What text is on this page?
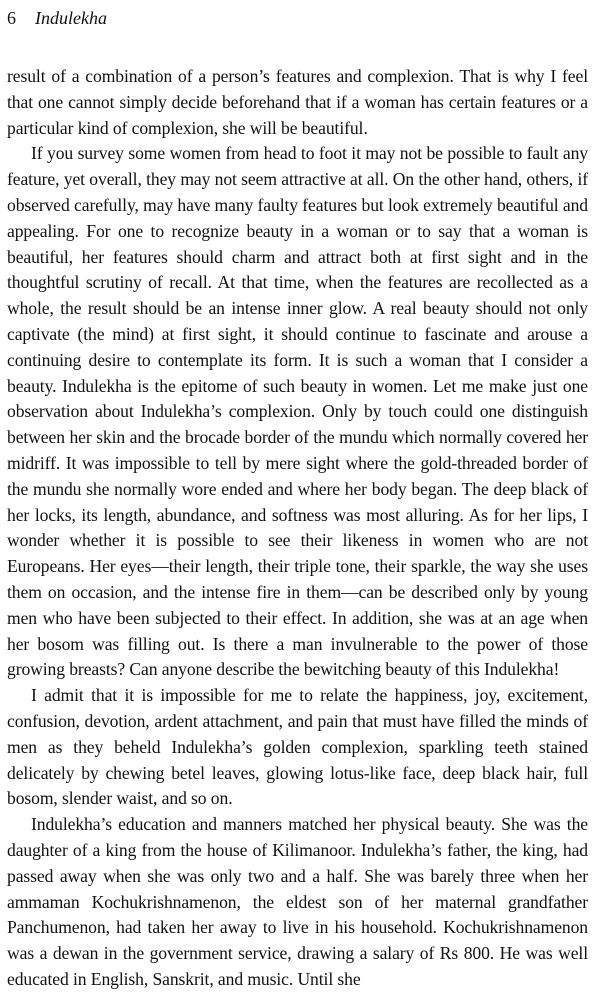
6 Indulekha

result of a combination of a person’s features and complexion. That is why I feel that one cannot simply decide beforehand that if a woman has certain features or a particular kind of complexion, she will be beautiful.

If you survey some women from head to foot it may not be possible to fault any feature, yet overall, they may not seem attractive at all. On the other hand, others, if observed carefully, may have many faulty features but look extremely beautiful and appealing. For one to recognize beauty in a woman or to say that a woman is beautiful, her features should charm and attract both at first sight and in the thoughtful scrutiny of recall. At that time, when the features are recollected as a whole, the result should be an intense inner glow. A real beauty should not only captivate (the mind) at first sight, it should continue to fascinate and arouse a continuing desire to contemplate its form. It is such a woman that I consider a beauty. Indulekha is the epitome of such beauty in women. Let me make just one observation about Indulekha’s complexion. Only by touch could one distinguish between her skin and the brocade border of the mundu which normally covered her midriff. It was impossible to tell by mere sight where the gold-threaded border of the mundu she normally wore ended and where her body began. The deep black of her locks, its length, abundance, and softness was most alluring. As for her lips, I wonder whether it is possible to see their likeness in women who are not Europeans. Her eyes—their length, their triple tone, their sparkle, the way she uses them on occasion, and the intense fire in them—can be described only by young men who have been subjected to their effect. In addition, she was at an age when her bosom was filling out. Is there a man invulnerable to the power of those growing breasts? Can anyone describe the bewitching beauty of this Indulekha!

I admit that it is impossible for me to relate the happiness, joy, excitement, confusion, devotion, ardent attachment, and pain that must have filled the minds of men as they beheld Indulekha’s golden complexion, sparkling teeth stained delicately by chewing betel leaves, glowing lotus-like face, deep black hair, full bosom, slender waist, and so on.

Indulekha’s education and manners matched her physical beauty. She was the daughter of a king from the house of Kilimanoor. Indulekha’s father, the king, had passed away when she was only two and a half. She was barely three when her ammaman Kochukrishnamenon, the eldest son of her maternal grandfather Panchumenon, had taken her away to live in his household. Kochukrishnamenon was a dewan in the government service, drawing a salary of Rs 800. He was well educated in English, Sanskrit, and music. Until she
